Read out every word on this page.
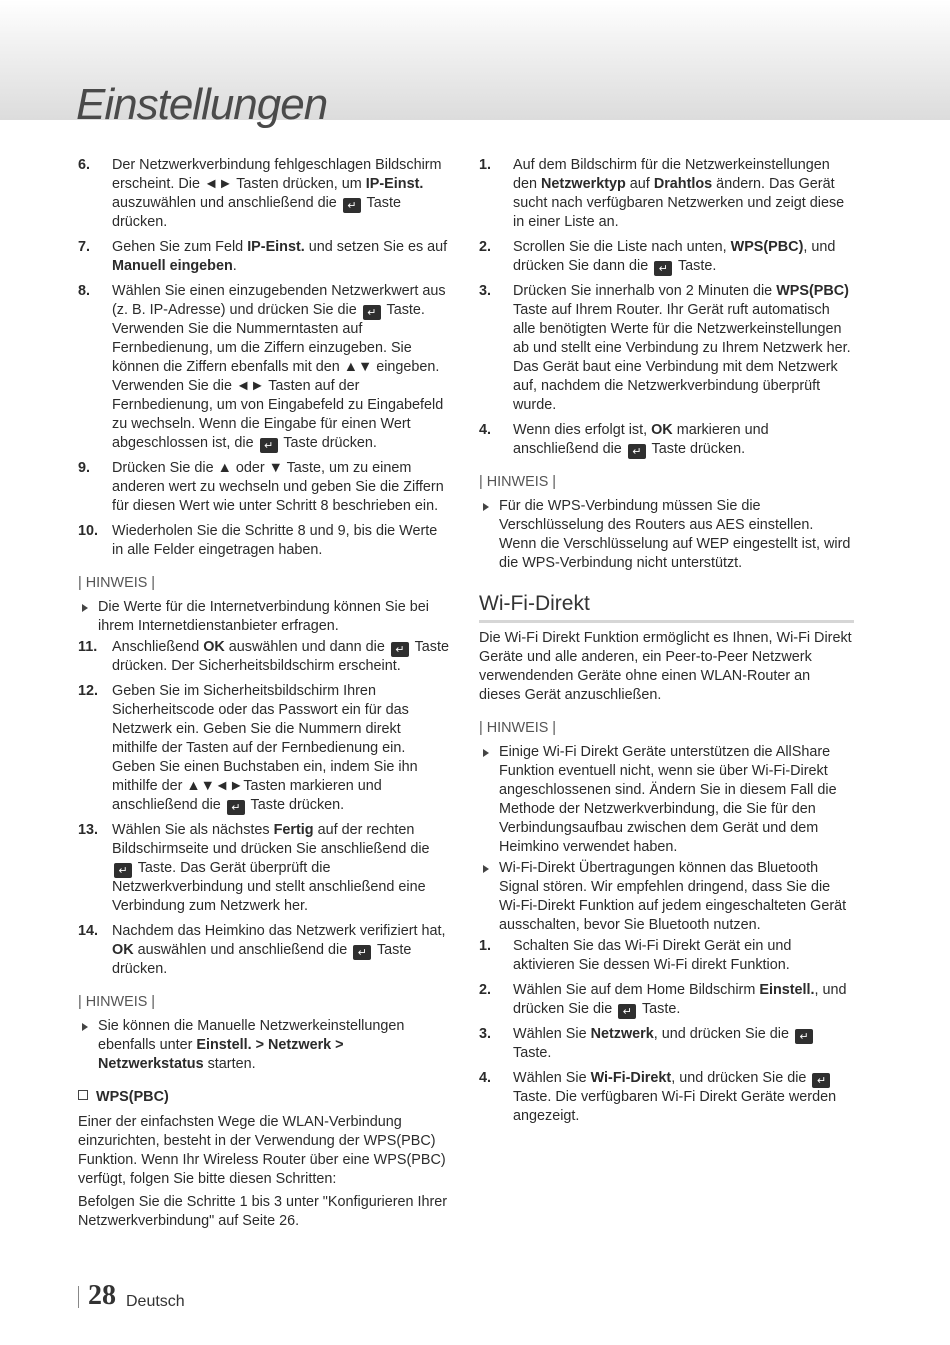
Einstellungen
6. Der Netzwerkverbindung fehlgeschlagen Bildschirm erscheint. Die ◄► Tasten drücken, um IP-Einst. auszuwählen und anschließend die ↵ Taste drücken.
7. Gehen Sie zum Feld IP-Einst. und setzen Sie es auf Manuell eingeben.
8. Wählen Sie einen einzugebenden Netzwerkwert aus (z. B. IP-Adresse) und drücken Sie die ↵ Taste. Verwenden Sie die Nummerntasten auf Fernbedienung, um die Ziffern einzugeben. Sie können die Ziffern ebenfalls mit den ▲▼ eingeben. Verwenden Sie die ◄► Tasten auf der Fernbedienung, um von Eingabefeld zu Eingabefeld zu wechseln. Wenn die Eingabe für einen Wert abgeschlossen ist, die ↵ Taste drücken.
9. Drücken Sie die ▲ oder ▼ Taste, um zu einem anderen wert zu wechseln und geben Sie die Ziffern für diesen Wert wie unter Schritt 8 beschrieben ein.
10. Wiederholen Sie die Schritte 8 und 9, bis die Werte in alle Felder eingetragen haben.
| HINWEIS |
Die Werte für die Internetverbindung können Sie bei ihrem Internetdienstanbieter erfragen.
11. Anschließend OK auswählen und dann die ↵ Taste drücken. Der Sicherheitsbildschirm erscheint.
12. Geben Sie im Sicherheitsbildschirm Ihren Sicherheitscode oder das Passwort ein für das Netzwerk ein. Geben Sie die Nummern direkt mithilfe der Tasten auf der Fernbedienung ein. Geben Sie einen Buchstaben ein, indem Sie ihn mithilfe der ▲▼◄►Tasten markieren und anschließend die ↵ Taste drücken.
13. Wählen Sie als nächstes Fertig auf der rechten Bildschirmseite und drücken Sie anschließend die ↵ Taste. Das Gerät überprüft die Netzwerkverbindung und stellt anschließend eine Verbindung zum Netzwerk her.
14. Nachdem das Heimkino das Netzwerk verifiziert hat, OK auswählen und anschließend die ↵ Taste drücken.
| HINWEIS |
Sie können die Manuelle Netzwerkeinstellungen ebenfalls unter Einstell. > Netzwerk > Netzwerkstatus starten.
WPS(PBC)

Einer der einfachsten Wege die WLAN-Verbindung einzurichten, besteht in der Verwendung der WPS(PBC) Funktion. Wenn Ihr Wireless Router über eine WPS(PBC) verfügt, folgen Sie bitte diesen Schritten:

Befolgen Sie die Schritte 1 bis 3 unter "Konfigurieren Ihrer Netzwerkverbindung" auf Seite 26.

1. Auf dem Bildschirm für die Netzwerkeinstellungen den Netzwerktyp auf Drahtlos ändern. Das Gerät sucht nach verfügbaren Netzwerken und zeigt diese in einer Liste an.
2. Scrollen Sie die Liste nach unten, WPS(PBC), und drücken Sie dann die ↵ Taste.
3. Drücken Sie innerhalb von 2 Minuten die WPS(PBC) Taste auf Ihrem Router. Ihr Gerät ruft automatisch alle benötigten Werte für die Netzwerkeinstellungen ab und stellt eine Verbindung zu Ihrem Netzwerk her. Das Gerät baut eine Verbindung mit dem Netzwerk auf, nachdem die Netzwerkverbindung überprüft wurde.
4. Wenn dies erfolgt ist, OK markieren und anschließend die ↵ Taste drücken.
| HINWEIS |
Für die WPS-Verbindung müssen Sie die Verschlüsselung des Routers aus AES einstellen. Wenn die Verschlüsselung auf WEP eingestellt ist, wird die WPS-Verbindung nicht unterstützt.
Wi-Fi-Direkt

Die Wi-Fi Direkt Funktion ermöglicht es Ihnen, Wi-Fi Direkt Geräte und alle anderen, ein Peer-to-Peer Netzwerk verwendenden Geräte ohne einen WLAN-Router an dieses Gerät anzuschließen.

| HINWEIS |
Einige Wi-Fi Direkt Geräte unterstützen die AllShare Funktion eventuell nicht, wenn sie über Wi-Fi-Direkt angeschlossenen sind. Ändern Sie in diesem Fall die Methode der Netzwerkverbindung, die Sie für den Verbindungsaufbau zwischen dem Gerät und dem Heimkino verwendet haben.
Wi-Fi-Direkt Übertragungen können das Bluetooth Signal stören. Wir empfehlen dringend, dass Sie die Wi-Fi-Direkt Funktion auf jedem eingeschalteten Gerät ausschalten, bevor Sie Bluetooth nutzen.
1. Schalten Sie das Wi-Fi Direkt Gerät ein und aktivieren Sie dessen Wi-Fi direkt Funktion.
2. Wählen Sie auf dem Home Bildschirm Einstell., und drücken Sie die ↵ Taste.
3. Wählen Sie Netzwerk, und drücken Sie die ↵ Taste.
4. Wählen Sie Wi-Fi-Direkt, und drücken Sie die ↵ Taste. Die verfügbaren Wi-Fi Direkt Geräte werden angezeigt.
28 Deutsch
